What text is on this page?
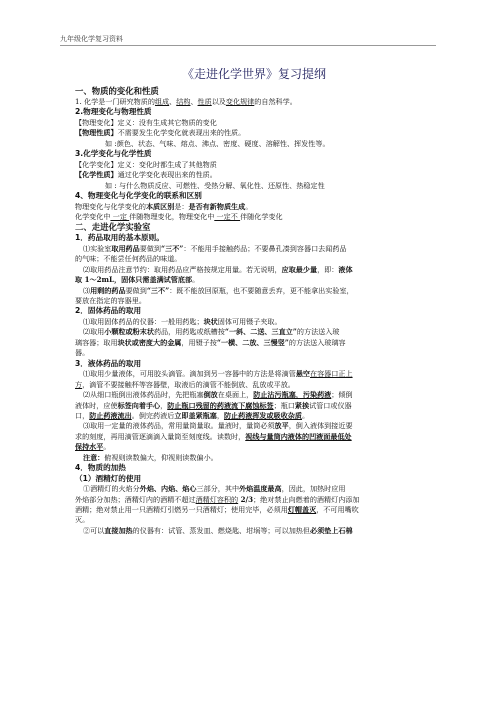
九年级化学复习资料
《走进化学世界》复习提纲
一、物质的变化和性质
1. 化学是一门研究物质的组成、结构、性质以及变化规律的自然科学。
2.物理变化与物理性质
【物理变化】定义：没有生成其它物质的变化
【物理性质】不需要发生化学变化就表现出来的性质。
如 :颜色、状态、气味、熔点、沸点、密度、硬度、溶解性、挥发性等。
3.化学变化与化学性质
【化学变化】定义：变化时都生成了其他物质
【化学性质】通过化学变化表现出来的性质。
如 : 与什么物质反应、可燃性、受热分解、氧化性、还原性、热稳定性
4、物理变化与化学变化的联系和区别
物理变化与化学变化的本质区别是：是否有新物质生成。
化学变化中 一定 伴随物理变化，物理变化中 一定不 伴随化学变化
二、走进化学实验室
1．药品取用的基本原则。
⑴实验室取用药品要做到“三不”：不能用手接触药品；不要鼻孔凑到容器口去闻药品
的气味；不能尝任何药品的味道。
⑵取用药品注意节约：取用药品应严格按规定用量。若无说明，应取最少量，即：液体
取 1～2mL，固体只需盖满试管底部。
⑶用剩的药品要做到“三不”：既不能放回原瓶，也不要随意丢弃，更不能拿出实验室，
要放在指定的容器里。
2．固体药品的取用
⑴取用固体药品的仪器：一般用药匙；块状固体可用镊子夹取。
⑵取用小颗粒或粉末状药品，用药匙或纸槽按“一斜、二送、三直立”的方法送入玻
璃容器；取用块状或密度大的金属，用镊子按“一横、二放、三慢竖”的方法送入玻璃容
器。
3．液体药品的取用
⑴取用少量液体，可用胶头滴管。滴加到另一容器中的方法是将滴管悬空在容器口正上
方，滴管不要接触杯等容器壁，取液后的滴管不能倒放、乱放或平放。
⑵从细口瓶倒出液体药品时，先把瓶塞倒放在桌面上，防止沾污瓶塞，污染药液；倾倒
液体时，应使标签向着手心，防止瓶口残留的药液流下腐蚀标签；瓶口紧挨试管口或仪器
口，防止药液流出。倒完药液后立即盖紧瓶塞，防止药液挥发或吸收杂质。
⑶取用一定量的液体药品，常用量筒量取。量液时，量筒必须放平，倒入液体到接近要
求的刻度，再用滴管逐滴滴入量筒至刻度线。读数时，视线与量筒内液体的凹液面最低处
保持水平。
注意：俯视则读数偏大，仰视则读数偏小。
4．物质的加热
（1）酒精灯的使用
①酒精灯的火焰分外焰、内焰、焰心三部分，其中外焰温度最高，因此，加热时应用
外焰部分加热；酒精灯内的酒精不超过酒精灯容积的 2/3；绝对禁止向燃着的酒精灯内添加
酒精；绝对禁止用一只酒精灯引燃另一只酒精灯；使用完毕，必须用灯帽盖灭，不可用嘴吹
灭。
②可以直接加热的仪器有：试管、蒸发皿、燃烧匙、坩埚等；可以加热但必须垫上石棉
